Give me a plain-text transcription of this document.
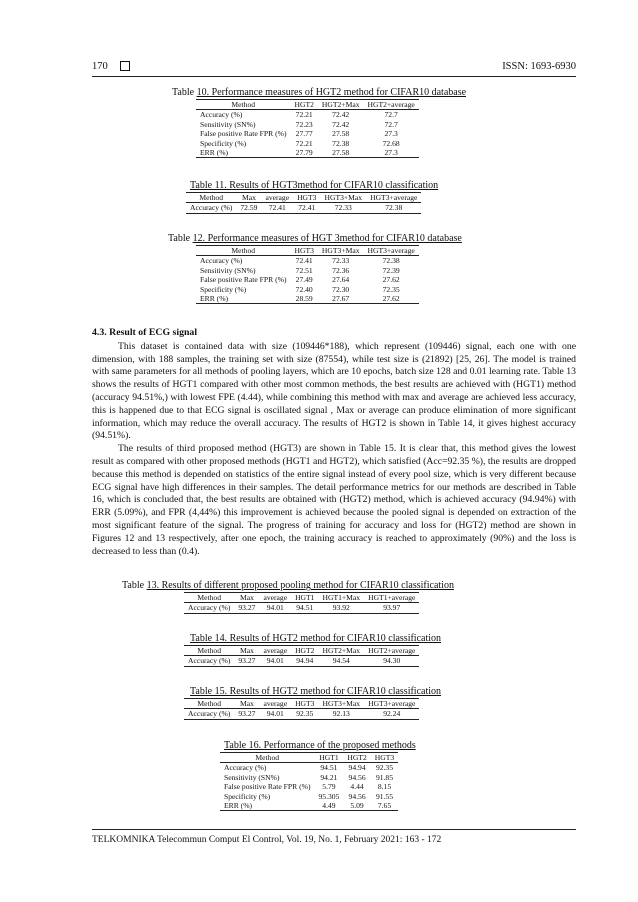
170	ISSN: 1693-6930
Table 10. Performance measures of HGT2 method for CIFAR10 database
Method	HGT2	HGT2+Max	HGT2+average
Accuracy (%)	72.21	72.42	72.7
Sensitivity (SN%)	72.23	72.42	72.7
False positive Rate FPR (%)	27.77	27.58	27.3
Specificity (%)	72.21	72.38	72.68
ERR (%)	27.79	27.58	27.3
Table 11. Results of HGT3method for CIFAR10 classification
Method	Max	average	HGT3	HGT3+Max	HGT3+average
Accuracy (%)	72.59	72.41	72.41	72.33	72.38
Table 12. Performance measures of HGT 3method for CIFAR10 database
Method	HGT3	HGT3+Max	HGT3+average
Accuracy (%)	72.41	72.33	72.38
Sensitivity (SN%)	72.51	72.36	72.39
False positive Rate FPR (%)	27.49	27.64	27.62
Specificity (%)	72.40	72.30	72.35
ERR (%)	28.59	27.67	27.62
4.3. Result of ECG signal

This dataset is contained data with size (109446*188), which represent (109446) signal, each one with one dimension, with 188 samples, the training set with size (87554), while test size is (21892) [25, 26]. The model is trained with same parameters for all methods of pooling layers, which are 10 epochs, batch size 128 and 0.01 learning rate. Table 13 shows the results of HGT1 compared with other most common methods, the best results are achieved with (HGT1) method (accuracy 94.51%,) with lowest FPE (4.44), while combining this method with max and average are achieved less accuracy, this is happened due to that ECG signal is oscillated signal , Max or average can produce elimination of more significant information, which may reduce the overall accuracy. The results of HGT2 is shown in Table 14, it gives highest accuracy (94.51%).

The results of third proposed method (HGT3) are shown in Table 15. It is clear that, this method gives the lowest result as compared with other proposed methods (HGT1 and HGT2), which satisfied (Acc=92.35 %), the results are dropped because this method is depended on statistics of the entire signal instead of every pool size, which is very different because ECG signal have high differences in their samples. The detail performance metrics for our methods are described in Table 16, which is concluded that, the best results are obtained with (HGT2) method, which is achieved accuracy (94.94%) with ERR (5.09%), and FPR (4,44%) this improvement is achieved because the pooled signal is depended on extraction of the most significant feature of the signal. The progress of training for accuracy and loss for (HGT2) method are shown in Figures 12 and 13 respectively, after one epoch, the training accuracy is reached to approximately (90%) and the loss is decreased to less than (0.4).

Table 13. Results of different proposed pooling method for CIFAR10 classification
Method	Max	average	HGT1	HGT1+Max	HGT1+average
Accuracy (%)	93.27	94.01	94.51	93.92	93.97
Table 14. Results of HGT2 method for CIFAR10 classification
Method	Max	average	HGT2	HGT2+Max	HGT2+average
Accuracy (%)	93.27	94.01	94.94	94.54	94.30
Table 15. Results of HGT2 method for CIFAR10 classification
Method	Max	average	HGT3	HGT3+Max	HGT3+average
Accuracy (%)	93.27	94.01	92.35	92.13	92.24
Table 16. Performance of the proposed methods
Method	HGT1	HGT2	HGT3
Accuracy (%)	94.51	94.94	92.35
Sensitivity (SN%)	94.21	94.56	91.85
False positive Rate FPR (%)	5.79	4.44	8.15
Specificity (%)	95.305	94.56	91.55
ERR (%)	4.49	5.09	7.65
TELKOMNIKA Telecommun Comput El Control, Vol. 19, No. 1, February 2021: 163 - 172
